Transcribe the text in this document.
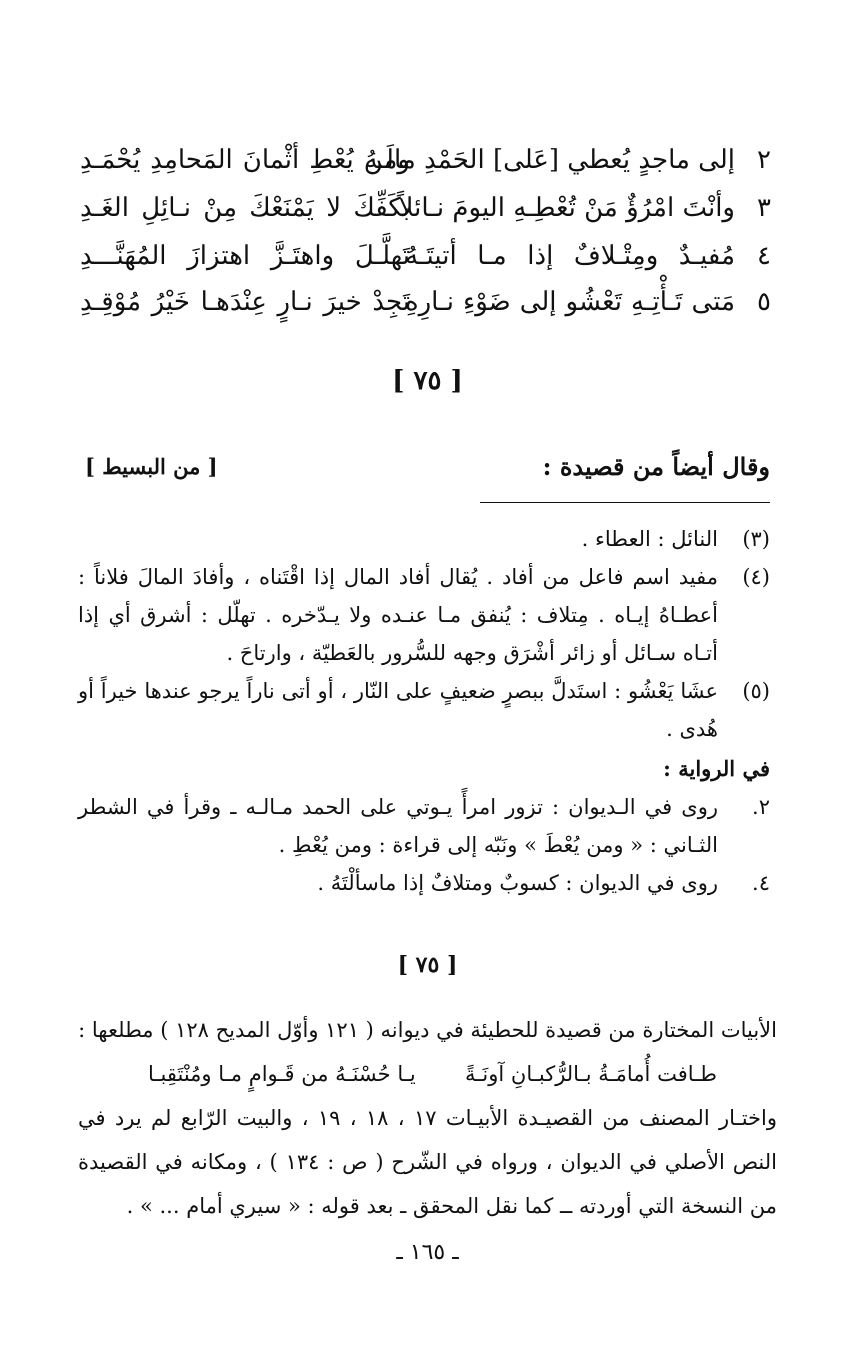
٢
إلى ماجدٍ يُعطي [عَلى] الحَمْدِ مالَـهُ
ومن يُعْطِ أثْمانَ المَحامِدِ يُحْمَـدِ
٣
وأنْتَ امْرُؤٌ مَنْ تُعْطِـهِ اليومَ نـائلاً
بكَفِّكَ لا يَمْنَعْكَ مِنْ نـائِلِ الغَـدِ
٤
مُفيـدٌ ومِتْـلافٌ إذا مـا أتيتَـهُ
تَهلَّـلَ واهتَـزَّ اهتزازَ المُهَنَّـــدِ
٥
مَتى تَـأْتِـهِ تَعْشُو إلى ضَوْءِ نـارِهِ
تَجِدْ خيرَ نـارٍ عِنْدَهـا خَيْرُ مُوْقِـدِ
[ ٧٥ ]
وقال أيضاً من قصيدة :
[ من البسيط ]
(٣)
النائل : العطاء .
(٤)
مفيد اسم فاعل من أفاد . يُقال أفاد المال إذا اقْتَناه ، وأفادَ المالَ فلاناً : أعطـاهُ إيـاه . مِتلاف : يُنفق مـا عنـده ولا يـدّخره . تهلّل : أشرق أي إذا أتـاه سـائل أو زائر أشْرَق وجهه للسُّرور بالعَطيّة ، وارتاحَ .
(٥)
عشَا يَعْشُو : استَدلَّ ببصرٍ ضعيفٍ على النّار ، أو أتى ناراً يرجو عندها خيراً أو هُدى .
في الرواية :
٢.
روى في الـديوان : تزور امرأً يـوتي على الحمد مـالـه ـ وقرأ في الشطر الثـاني : « ومن يُعْطَ » ونَبّه إلى قراءة : ومن يُعْطِ .
٤.
روى في الديوان : كسوبٌ ومتلافٌ إذا ماسألْتَهُ .
[ ٧٥ ]
الأبيات المختارة من قصيدة للحطيئة في ديوانه ( ١٢١ وأوّل المديح ١٢٨ ) مطلعها :
طـافت أُمامَـةُ بـالرُّكبـانِ آونَـةً
يـا حُسْنَـهُ من قَـوامٍ مـا ومُنْتَقِبـا
واختـار المصنف من القصيـدة الأبيـات ١٧ ، ١٨ ، ١٩ ، والبيت الرّابع لم يرد في النص الأصلي في الديوان ، ورواه في الشّرح ( ص : ١٣٤ ) ، ومكانه في القصيدة من النسخة التي أوردته ــ كما نقل المحقق ـ بعد قوله : « سيري أمام ... » .
ـ ١٦٥ ـ
